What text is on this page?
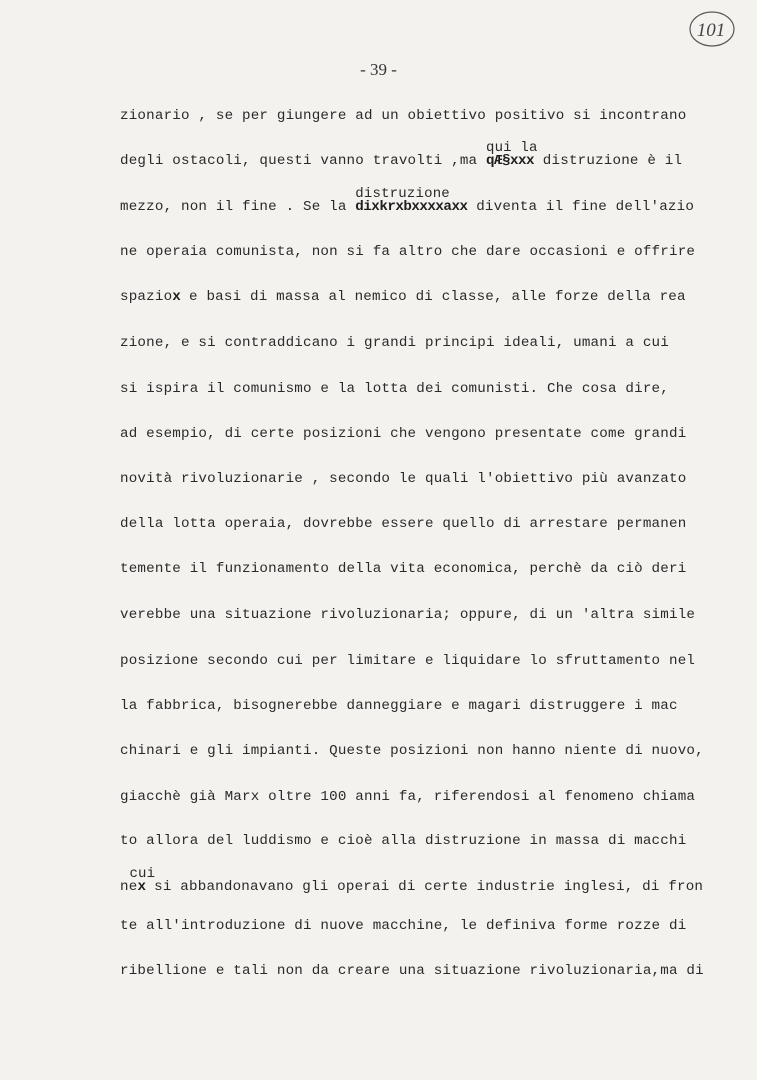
101
- 39 -
zionario , se per giungere ad un obiettivo positivo si incontrano
degli ostacoli, questi vanno travolti ,ma
qui la
qÆ§xxx distruzione è il
mezzo, non il fine . Se la
distruzione
dixkrxbxxxxaxx diventa il fine dell'azio
ne operaia comunista, non si fa altro che dare occasioni e offrire
spaziox e basi di massa al nemico di classe, alle forze della rea
zione, e si contraddicano i grandi principi ideali, umani a cui
si ispira il comunismo e la lotta dei comunisti. Che cosa dire,
ad esempio, di certe posizioni che vengono presentate come grandi
novità rivoluzionarie , secondo le quali l'obiettivo più avanzato
della lotta operaia, dovrebbe essere quello di arrestare permanen
temente il funzionamento della vita economica, perchè da ciò deri
verebbe una situazione rivoluzionaria; oppure, di un 'altra simile
posizione secondo cui per limitare e liquidare lo sfruttamento nel
la fabbrica, bisognerebbe danneggiare e magari distruggere i mac
chinari e gli impianti. Queste posizioni non hanno niente di nuovo,
giacchè già Marx oltre 100 anni fa, riferendosi al fenomeno chiama
to allora del luddismo e cioè alla distruzione in massa di macchi
ne
cui
x si abbandonavano gli operai di certe industrie inglesi, di fron
te all'introduzione di nuove macchine, le definiva forme rozze di
ribellione e tali non da creare una situazione rivoluzionaria,ma di
